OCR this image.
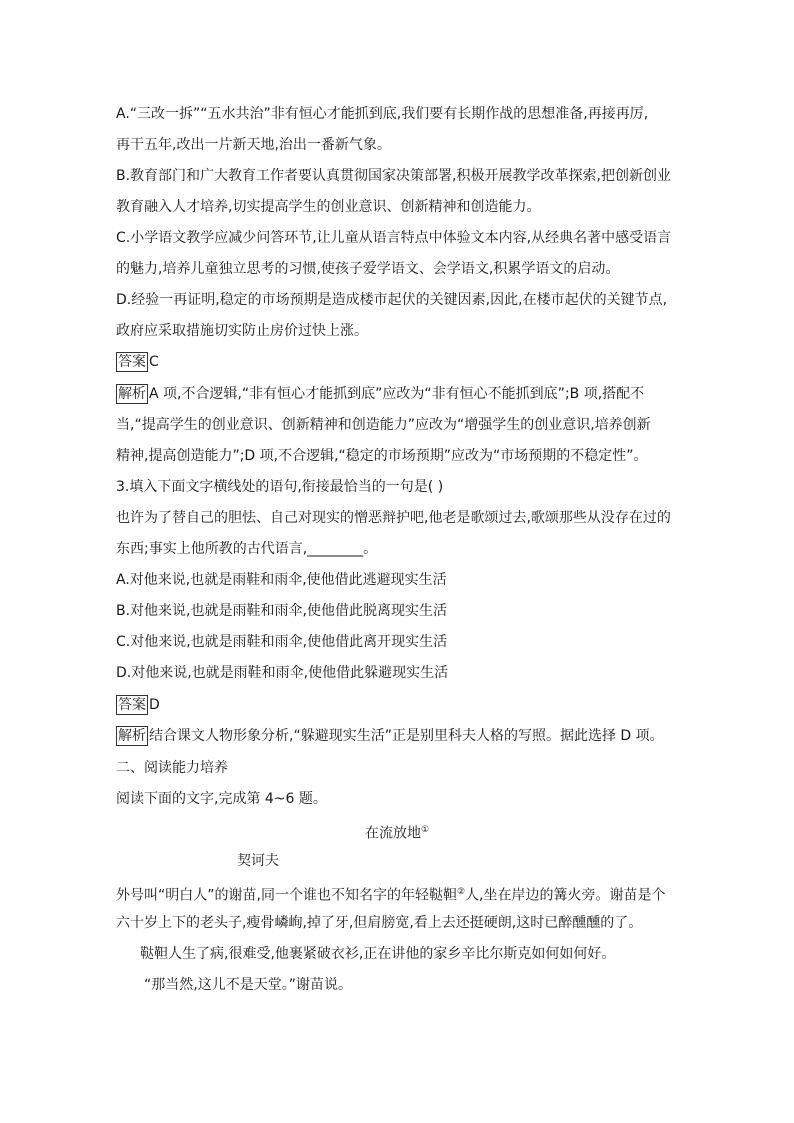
A.“三改一拆”“五水共治”非有恒心才能抓到底,我们要有长期作战的思想准备,再接再厉,
再干五年,改出一片新天地,治出一番新气象。
B.教育部门和广大教育工作者要认真贯彻国家决策部署,积极开展教学改革探索,把创新创业
教育融入人才培养,切实提高学生的创业意识、创新精神和创造能力。
C.小学语文教学应减少问答环节,让儿童从语言特点中体验文本内容,从经典名著中感受语言
的魅力,培养儿童独立思考的习惯,使孩子爱学语文、会学语文,积累学语文的启动。
D.经验一再证明,稳定的市场预期是造成楼市起伏的关键因素,因此,在楼市起伏的关键节点,
政府应采取措施切实防止房价过快上涨。
答案 C
解析 A 项,不合逻辑,“非有恒心才能抓到底”应改为“非有恒心不能抓到底”;B 项,搭配不
当,“提高学生的创业意识、创新精神和创造能力”应改为“增强学生的创业意识,培养创新
精神,提高创造能力”;D 项,不合逻辑,“稳定的市场预期”应改为“市场预期的不稳定性”。
3.填入下面文字横线处的语句,衔接最恰当的一句是( )
也许为了替自己的胆怯、自己对现实的憎恶辩护吧,他老是歌颂过去,歌颂那些从没存在过的
东西;事实上他所教的古代语言,________。
A.对他来说,也就是雨鞋和雨伞,使他借此逃避现实生活
B.对他来说,也就是雨鞋和雨伞,使他借此脱离现实生活
C.对他来说,也就是雨鞋和雨伞,使他借此离开现实生活
D.对他来说,也就是雨鞋和雨伞,使他借此躲避现实生活
答案 D
解析 结合课文人物形象分析,“躲避现实生活”正是别里科夫人格的写照。据此选择 D 项。
二、阅读能力培养
阅读下面的文字,完成第 4~6 题。
在流放地①
契诃夫
外号叫“明白人”的谢苗,同一个谁也不知名字的年轻鞑靼②人,坐在岸边的篝火旁。谢苗是个
六十岁上下的老头子,瘦骨嶙峋,掉了牙,但肩膀宽,看上去还挺硬朗,这时已醉醺醺的了。
鞑靼人生了病,很难受,他裹紧破衣衫,正在讲他的家乡辛比尔斯克如何如何好。
“那当然,这儿不是天堂。”谢苗说。
